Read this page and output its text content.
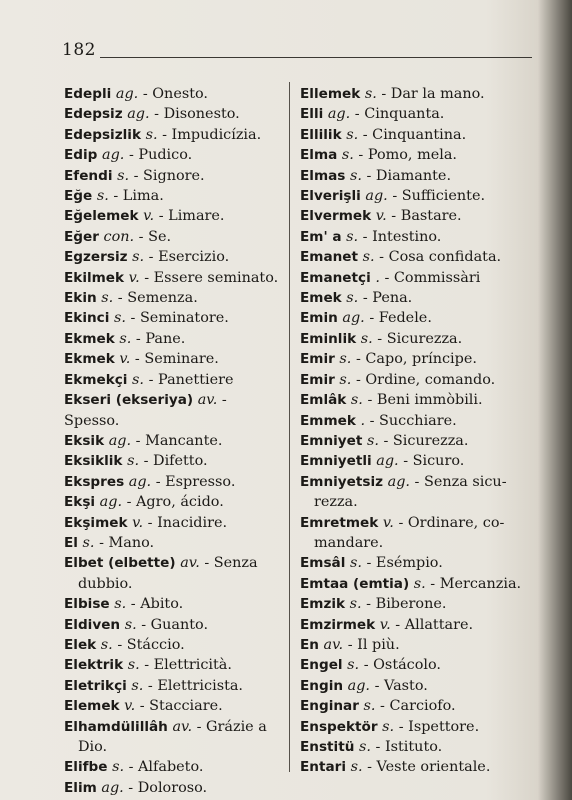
182

Edepli ag. - Onesto.

Edepsiz ag. - Disonesto.

Edepsizlik s. - Impudicízia.

Edip ag. - Pudico.

Efendi s. - Signore.

Eğe s. - Lima.

Eğelemek v. - Limare.

Eğer con. - Se.

Egzersiz s. - Esercizio.

Ekilmek v. - Essere seminato.

Ekin s. - Semenza.

Ekinci s. - Seminatore.

Ekmek s. - Pane.

Ekmek v. - Seminare.

Ekmekçi s. - Panettiere

Ekseri (ekseriya) av. - Spesso.

Eksik ag. - Mancante.

Eksiklik s. - Difetto.

Ekspres ag. - Espresso.

Ekşi ag. - Agro, ácido.

Ekşimek v. - Inacidire.

El s. - Mano.

Elbet (elbette) av. - Senza
dubbio.

Elbise s. - Abito.

Eldiven s. - Guanto.

Elek s. - Stáccio.

Elektrik s. - Elettricità.

Eletrikçi s. - Elettricista.

Elemek v. - Stacciare.

Elhamdülillâh av. - Grázie a
Dio.

Elifbe s. - Alfabeto.

Elim ag. - Doloroso.

Ellemek s. - Dar la mano.

Elli ag. - Cinquanta.

Ellilik s. - Cinquantina.

Elma s. - Pomo, mela.

Elmas s. - Diamante.

Elverişli ag. - Sufficiente.

Elvermek v. - Bastare.

Em' a s. - Intestino.

Emanet s. - Cosa confidata.

Emanetçi . - Commissàri

Emek s. - Pena.

Emin ag. - Fedele.

Eminlik s. - Sicurezza.

Emir s. - Capo, príncipe.

Emir s. - Ordine, comando.

Emlâk s. - Beni immòbili.

Emmek . - Succhiare.

Emniyet s. - Sicurezza.

Emniyetli ag. - Sicuro.

Emniyetsiz ag. - Senza sicu-
rezza.

Emretmek v. - Ordinare, co-
mandare.

Emsâl s. - Esémpio.

Emtaa (emtia) s. - Mercanzia.

Emzik s. - Biberone.

Emzirmek v. - Allattare.

En av. - Il più.

Engel s. - Ostácolo.

Engin ag. - Vasto.

Enginar s. - Carciofo.

Enspektör s. - Ispettore.

Enstitü s. - Istituto.

Entari s. - Veste orientale.
